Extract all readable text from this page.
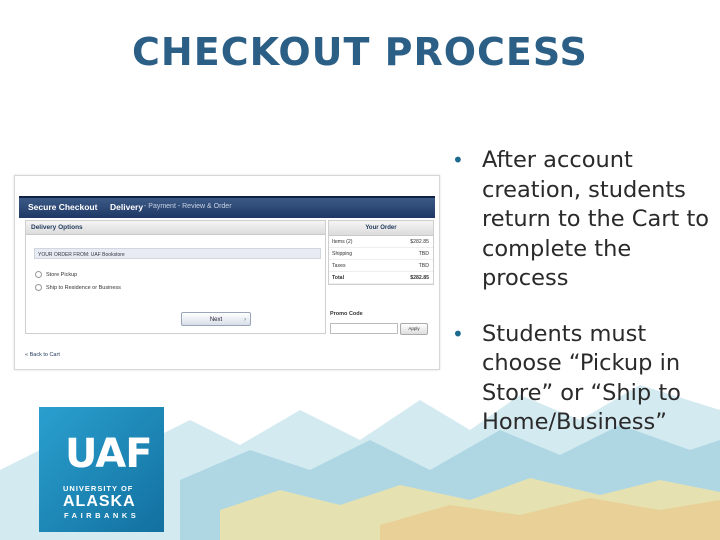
CHECKOUT PROCESS
• After account creation, students return to the Cart to complete the process
• Students must choose “Pickup in Store” or “Ship to Home/Business”
Secure Checkout Delivery - Payment - Review & Order
Delivery Options
YOUR ORDER FROM: UAF Bookstore
Store Pickup
Ship to Residence or Business
Next	›
Your Order
Items (2)	$282.85
Shipping	TBD
Taxes	TBD
Total	$282.85
Promo Code
Apply
« Back to Cart
UAF
UNIVERSITY OF
ALASKA
FAIRBANKS
